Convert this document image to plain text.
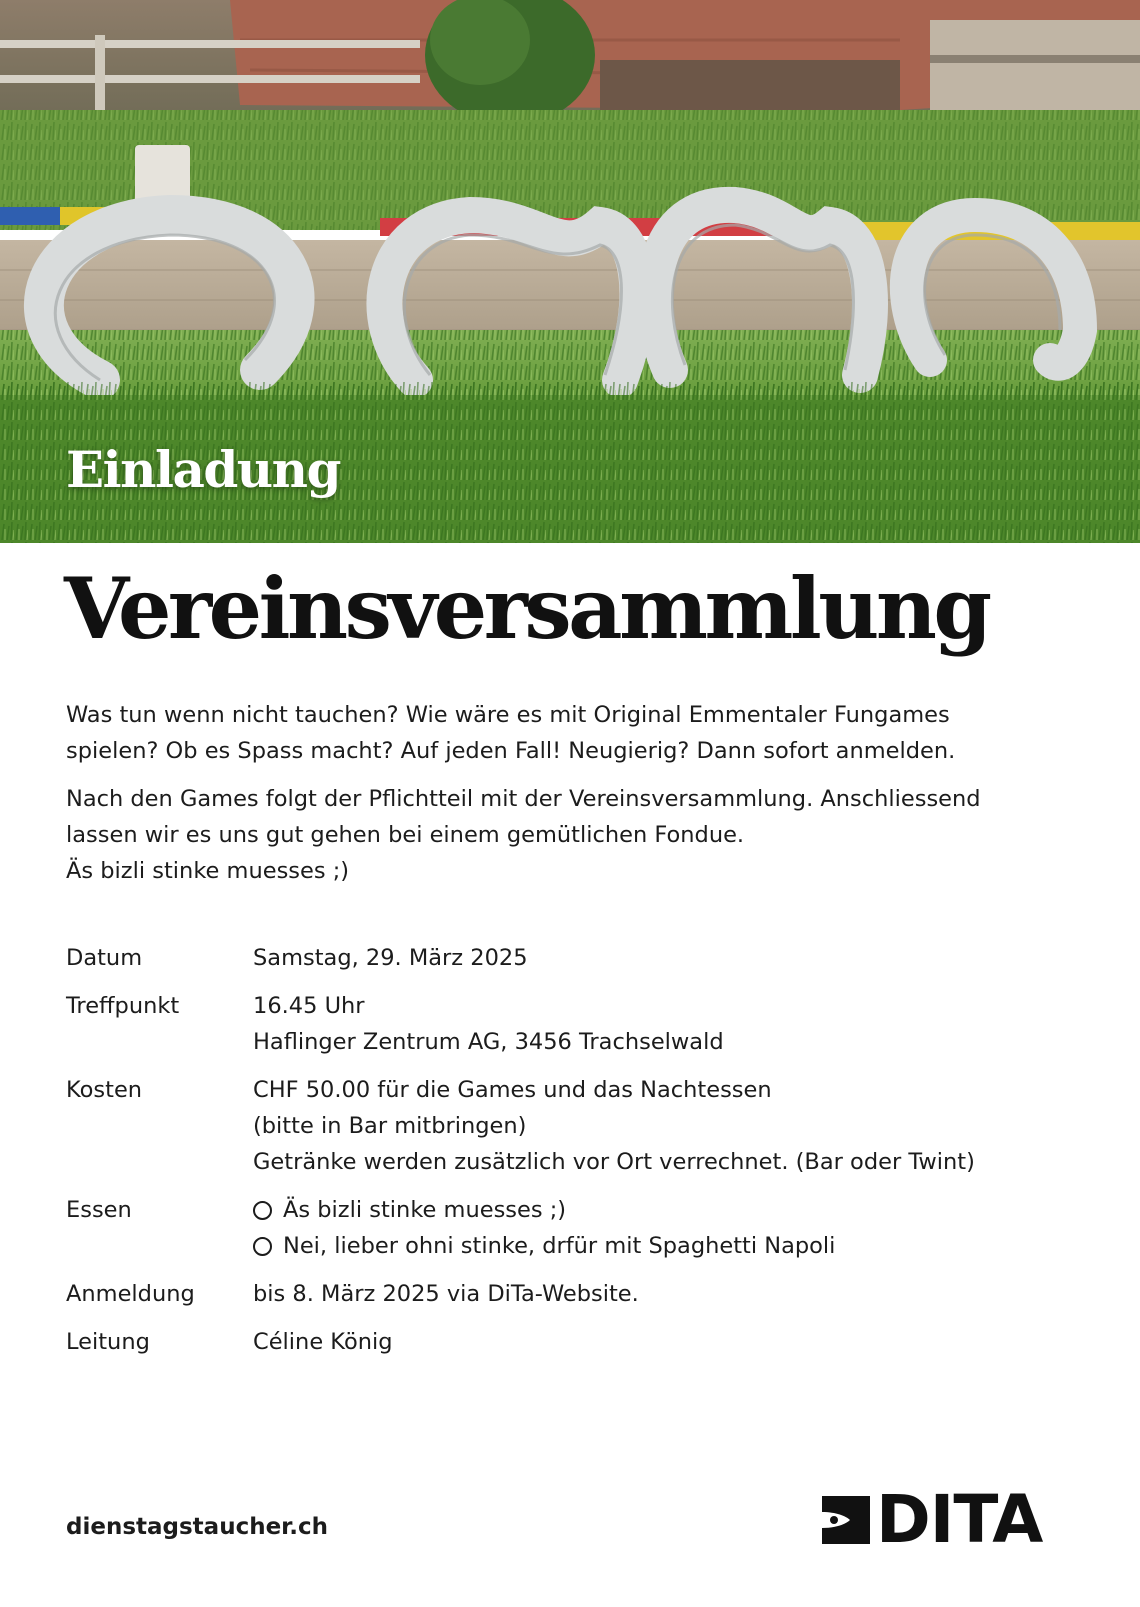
Einladung
Vereinsversammlung

Was tun wenn nicht tauchen? Wie wäre es mit Original Emmentaler Fungames
spielen? Ob es Spass macht? Auf jeden Fall! Neugierig? Dann sofort anmelden.

Nach den Games folgt der Pflichtteil mit der Vereinsversammlung. Anschliessend
lassen wir es uns gut gehen bei einem gemütlichen Fondue.
Äs bizli stinke muesses ;)

Datum	Samstag, 29. März 2025
Treffpunkt	16.45 Uhr
Haflinger Zentrum AG, 3456 Trachselwald
Kosten	CHF 50.00 für die Games und das Nachtessen
(bitte in Bar mitbringen)
Getränke werden zusätzlich vor Ort verrechnet. (Bar oder Twint)
Essen	Äs bizli stinke muesses ;)
Nei, lieber ohni stinke, drfür mit Spaghetti Napoli
Anmeldung	bis 8. März 2025 via DiTa-Website.
Leitung	Céline König
dienstagstaucher.ch	DITA
